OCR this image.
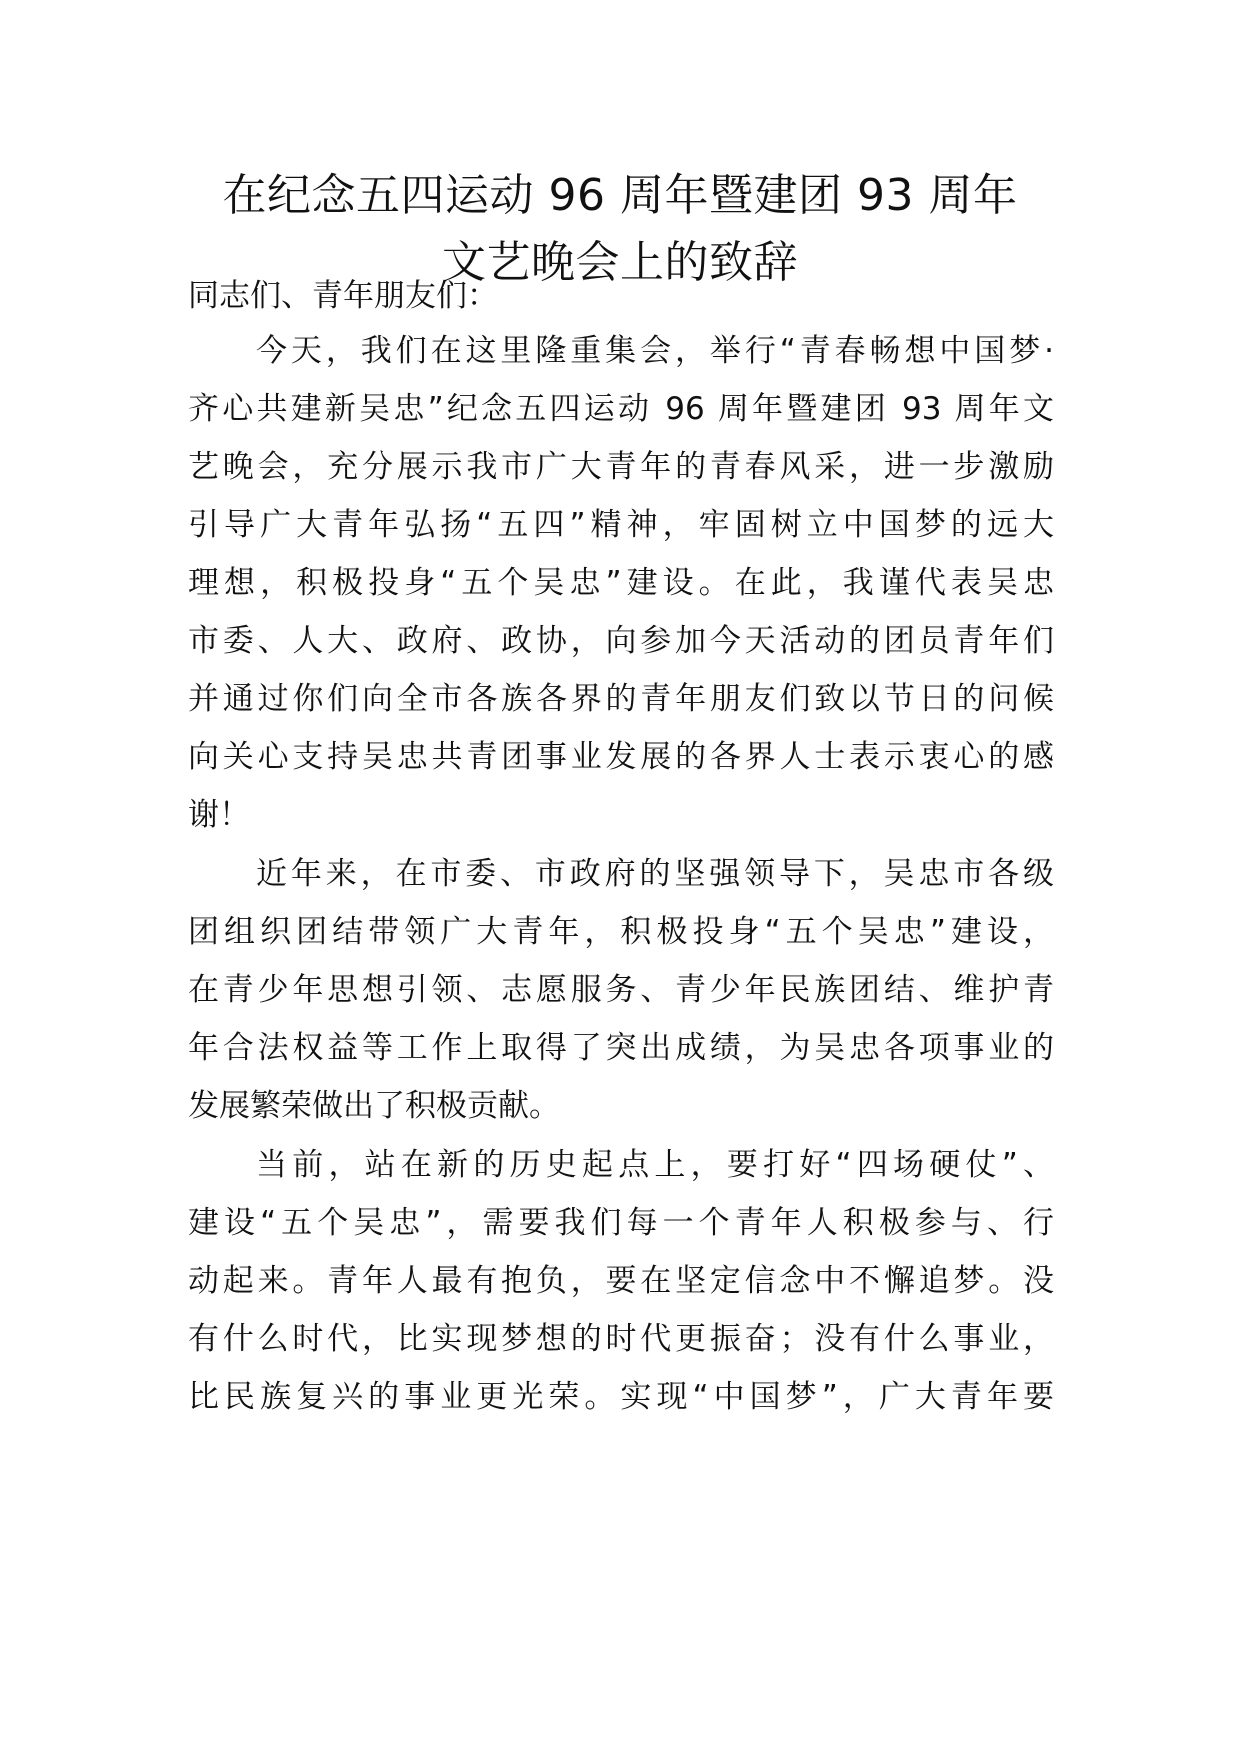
在纪念五四运动 96 周年暨建团 93 周年
文艺晚会上的致辞
同志们、青年朋友们：
今天，我们在这里隆重集会，举行“青春畅想中国梦·
齐心共建新吴忠”纪念五四运动 96 周年暨建团 93 周年文
艺晚会，充分展示我市广大青年的青春风采，进一步激励
引导广大青年弘扬“五四”精神，牢固树立中国梦的远大
理想，积极投身“五个吴忠”建设。在此，我谨代表吴忠
市委、人大、政府、政协，向参加今天活动的团员青年们
并通过你们向全市各族各界的青年朋友们致以节日的问候
向关心支持吴忠共青团事业发展的各界人士表示衷心的感
谢！
近年来，在市委、市政府的坚强领导下，吴忠市各级
团组织团结带领广大青年，积极投身“五个吴忠”建设，
在青少年思想引领、志愿服务、青少年民族团结、维护青
年合法权益等工作上取得了突出成绩，为吴忠各项事业的
发展繁荣做出了积极贡献。
当前，站在新的历史起点上，要打好“四场硬仗”、
建设“五个吴忠”，需要我们每一个青年人积极参与、行
动起来。青年人最有抱负，要在坚定信念中不懈追梦。没
有什么时代，比实现梦想的时代更振奋；没有什么事业，
比民族复兴的事业更光荣。实现“中国梦”，广大青年要
